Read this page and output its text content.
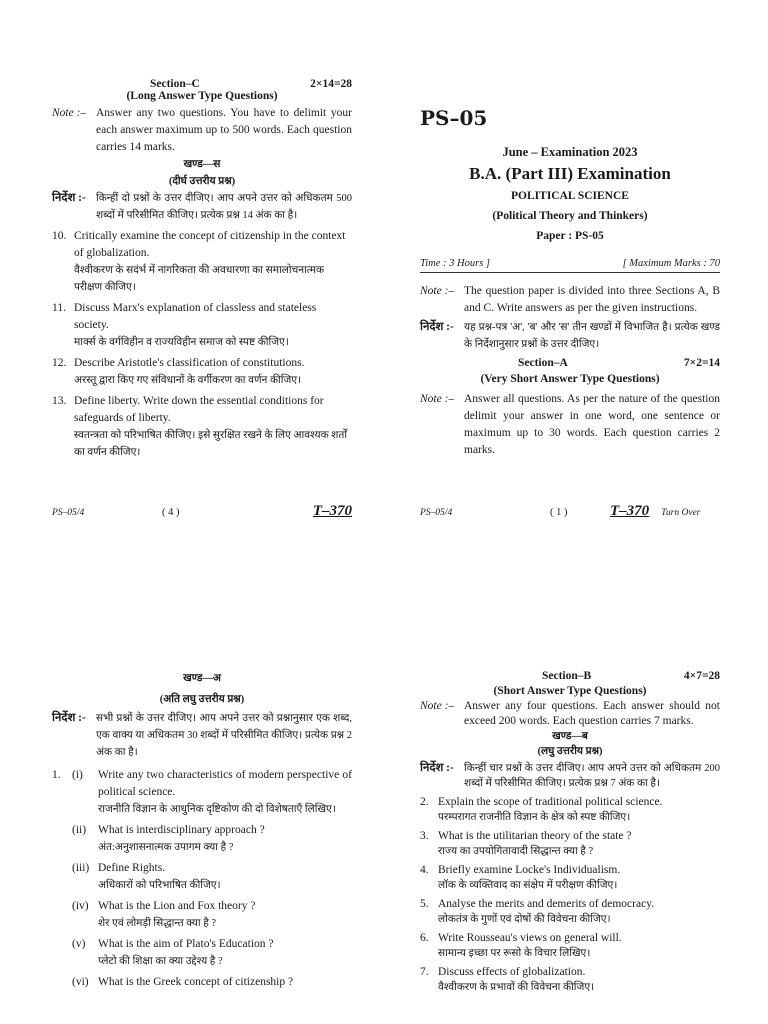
Section–C	2×14=28
(Long Answer Type Questions)
Note :– Answer any two questions. You have to delimit your each answer maximum up to 500 words. Each question carries 14 marks.
खण्ड—स
(दीर्घ उत्तरीय प्रश्न)
निर्देश :- किन्हीं दो प्रश्नों के उत्तर दीजिए। आप अपने उत्तर को अधिकतम 500 शब्दों में परिसीमित कीजिए। प्रत्येक प्रश्न 14 अंक का है।
10. Critically examine the concept of citizenship in the context of globalization.
वैश्वीकरण के सदंर्भ में नागरिकता की अवधारणा का समालोचनात्मक परीक्षण कीजिए।
11. Discuss Marx's explanation of classless and stateless society.
मार्क्स के वर्गविहीन व राज्यविहीन समाज को स्पष्ट कीजिए।
12. Describe Aristotle's classification of constitutions.
अरस्तू द्वारा किए गए संविधानों के वर्गीकरण का वर्णन कीजिए।
13. Define liberty. Write down the essential conditions for safeguards of liberty.
स्वतन्त्रता को परिभाषित कीजिए। इसे सुरक्षित रखने के लिए आवश्यक शर्तों का वर्णन कीजिए।
PS–05/4	( 4 )	T–370
PS–05
June – Examination 2023
B.A. (Part III) Examination
POLITICAL SCIENCE
(Political Theory and Thinkers)
Paper : PS-05
Time : 3 Hours ]	[ Maximum Marks : 70
Note :– The question paper is divided into three Sections A, B and C. Write answers as per the given instructions.
निर्देश :- यह प्रश्न-पत्र 'अ', 'ब' और 'स' तीन खण्डों में विभाजित है। प्रत्येक खण्ड के निर्देशानुसार प्रश्नों के उत्तर दीजिए।
Section–A	7×2=14
(Very Short Answer Type Questions)
Note :– Answer all questions. As per the nature of the question delimit your answer in one word, one sentence or maximum up to 30 words. Each question carries 2 marks.
PS–05/4	( 1 )	T–370 Turn Over
खण्ड—अ
(अति लघु उत्तरीय प्रश्न)
निर्देश :- सभी प्रश्नों के उत्तर दीजिए। आप अपने उत्तर को प्रश्नानुसार एक शब्द, एक वाक्य या अधिकतम 30 शब्दों में परिसीमित कीजिए। प्रत्येक प्रश्न 2 अंक का है।
1. (i)	Write any two characteristics of modern perspective of political science.
राजनीति विज्ञान के आधुनिक दृष्टिकोण की दो विशेषताएँ लिखिए।
(ii)	What is interdisciplinary approach ?
अंत:अनुशासनात्मक उपागम क्या है ?
(iii) Define Rights.
अधिकारों को परिभाषित कीजिए।
(iv) What is the Lion and Fox theory ?
शेर एवं लोमड़ी सिद्धान्त क्या है ?
(v)	What is the aim of Plato's Education ?
प्लेटो की शिक्षा का क्या उद्देश्य है ?
(vi) What is the Greek concept of citizenship ?
Section–B	4×7=28
(Short Answer Type Questions)
Note :– Answer any four questions. Each answer should not exceed 200 words. Each question carries 7 marks.
खण्ड—ब
(लघु उत्तरीय प्रश्न)
निर्देश :- किन्हीं चार प्रश्नों के उत्तर दीजिए। आप अपने उत्तर को अधिकतम 200 शब्दों में परिसीमित कीजिए। प्रत्येक प्रश्न 7 अंक का है।
2. Explain the scope of traditional political science.
परम्परागत राजनीति विज्ञान के क्षेत्र को स्पष्ट कीजिए।
3. What is the utilitarian theory of the state ?
राज्य का उपयोगितावादी सिद्धान्त क्या है ?
4. Briefly examine Locke's Individualism.
लॉक के व्यक्तिवाद का संक्षेप में परीक्षण कीजिए।
5. Analyse the merits and demerits of democracy.
लोकतंत्र के गुणों एवं दोषों की विवेचना कीजिए।
6. Write Rousseau's views on general will.
सामान्य इच्छा पर रूसो के विचार लिखिए।
7. Discuss effects of globalization.
वैश्वीकरण के प्रभावों की विवेचना कीजिए।
